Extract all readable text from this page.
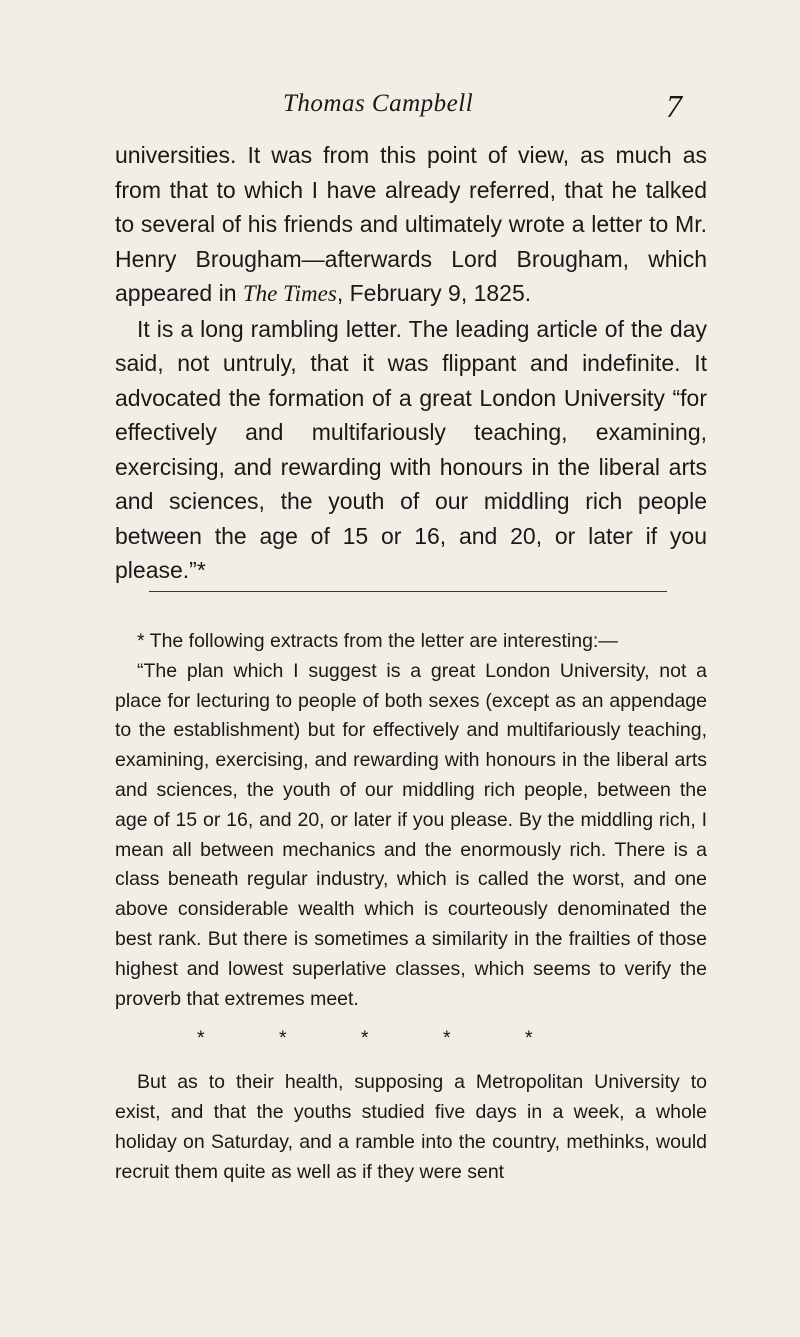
Thomas Campbell	7

universities. It was from this point of view, as much as from that to which I have already referred, that he talked to several of his friends and ultimately wrote a letter to Mr. Henry Brougham—afterwards Lord Brougham, which appeared in The Times, February 9, 1825.

It is a long rambling letter. The leading article of the day said, not untruly, that it was flippant and indefinite. It advocated the formation of a great London University “for effectively and multifariously teaching, examining, exercising, and rewarding with honours in the liberal arts and sciences, the youth of our middling rich people between the age of 15 or 16, and 20, or later if you please.”*

* The following extracts from the letter are interesting:—

“The plan which I suggest is a great London University, not a place for lecturing to people of both sexes (except as an appendage to the establishment) but for effectively and multifariously teaching, examining, exercising, and rewarding with honours in the liberal arts and sciences, the youth of our middling rich people, between the age of 15 or 16, and 20, or later if you please. By the middling rich, I mean all between mechanics and the enormously rich. There is a class beneath regular industry, which is called the worst, and one above considerable wealth which is courteously denominated the best rank. But there is sometimes a similarity in the frailties of those highest and lowest superlative classes, which seems to verify the proverb that extremes meet.

*	*	*	*	*

But as to their health, supposing a Metropolitan University to exist, and that the youths studied five days in a week, a whole holiday on Saturday, and a ramble into the country, methinks, would recruit them quite as well as if they were sent
